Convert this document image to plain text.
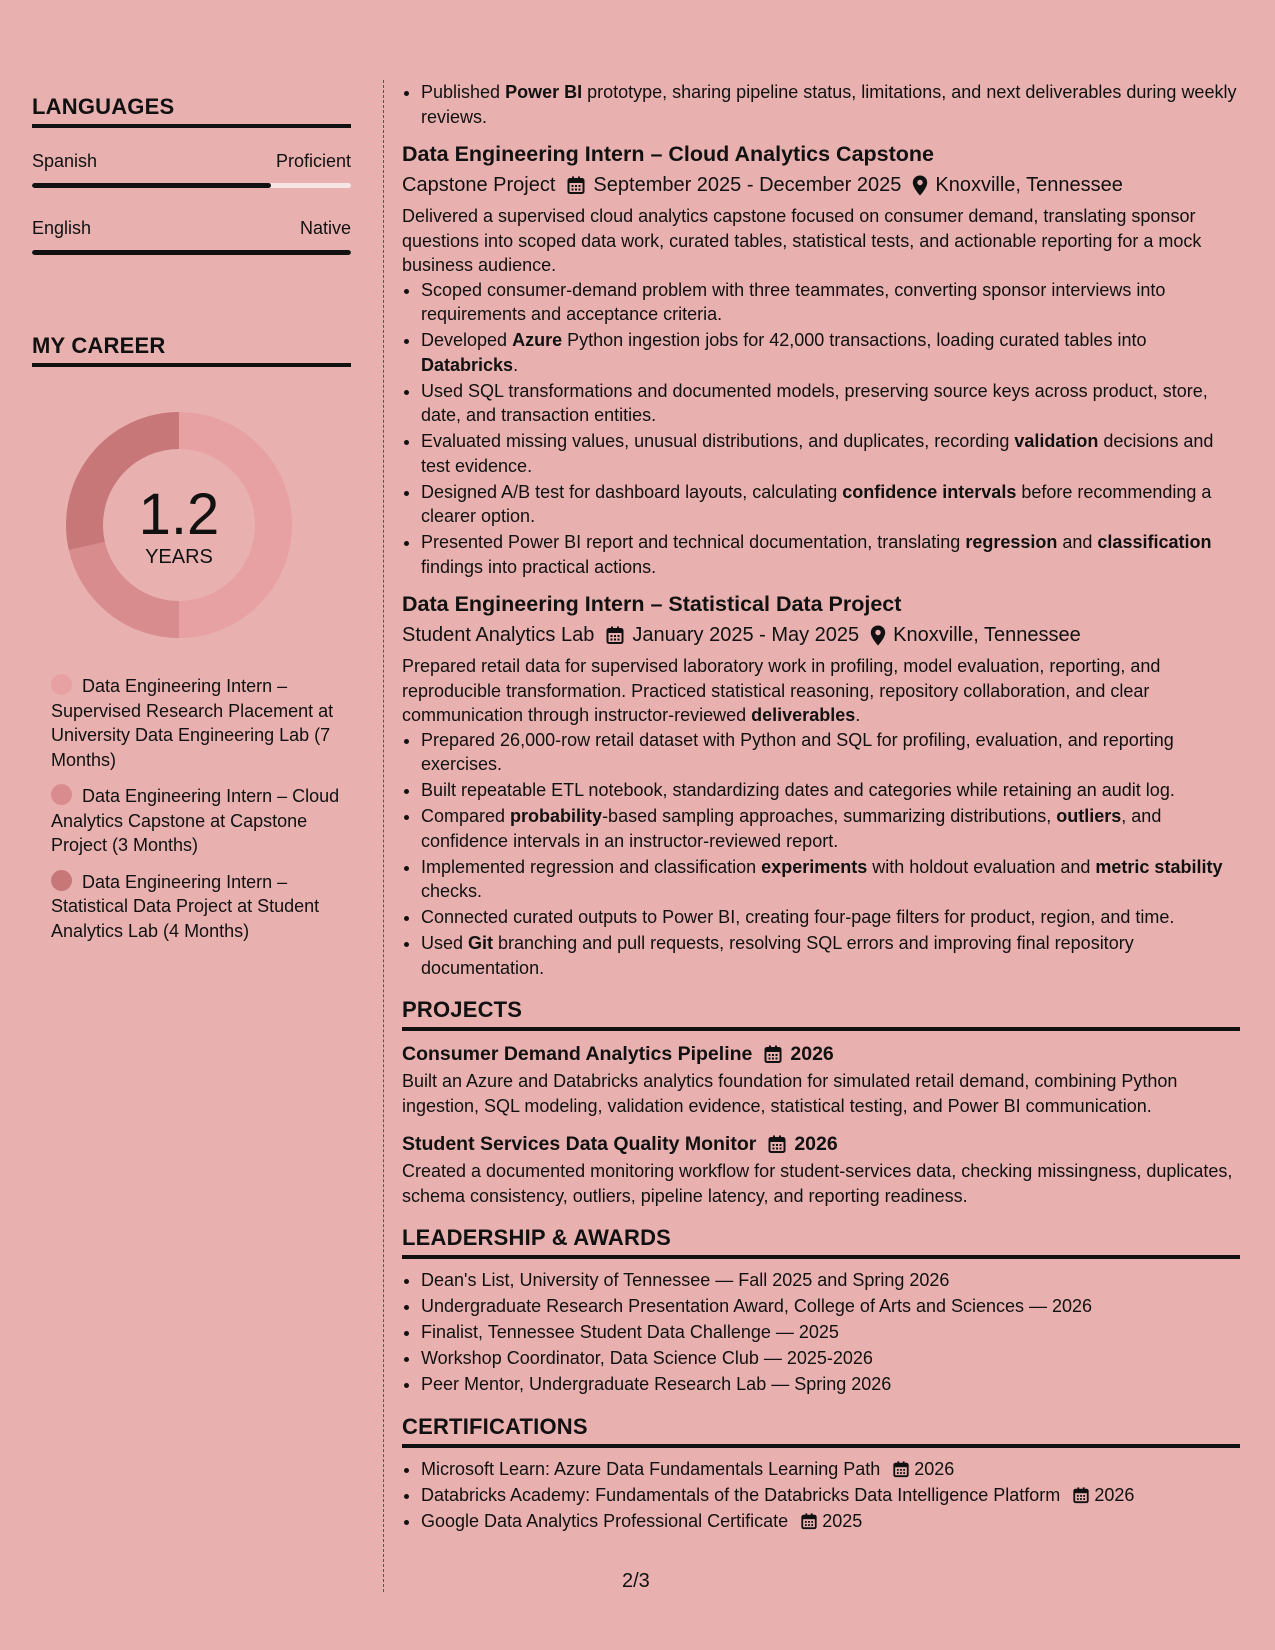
LANGUAGES
Spanish	Proficient
English	Native
MY CAREER
1.2
YEARS
Data Engineering Intern – Supervised Research Placement at University Data Engineering Lab (7 Months)
Data Engineering Intern – Cloud Analytics Capstone at Capstone Project (3 Months)
Data Engineering Intern – Statistical Data Project at Student Analytics Lab (4 Months)
• Published Power BI prototype, sharing pipeline status, limitations, and next deliverables during weekly reviews.
Data Engineering Intern – Cloud Analytics Capstone
Capstone Project September 2025 - December 2025 Knoxville, Tennessee
Delivered a supervised cloud analytics capstone focused on consumer demand, translating sponsor questions into scoped data work, curated tables, statistical tests, and actionable reporting for a mock business audience.
• Scoped consumer-demand problem with three teammates, converting sponsor interviews into requirements and acceptance criteria.
• Developed Azure Python ingestion jobs for 42,000 transactions, loading curated tables into Databricks.
• Used SQL transformations and documented models, preserving source keys across product, store, date, and transaction entities.
• Evaluated missing values, unusual distributions, and duplicates, recording validation decisions and test evidence.
• Designed A/B test for dashboard layouts, calculating confidence intervals before recommending a clearer option.
• Presented Power BI report and technical documentation, translating regression and classification findings into practical actions.
Data Engineering Intern – Statistical Data Project
Student Analytics Lab January 2025 - May 2025 Knoxville, Tennessee
Prepared retail data for supervised laboratory work in profiling, model evaluation, reporting, and reproducible transformation. Practiced statistical reasoning, repository collaboration, and clear communication through instructor-reviewed deliverables.
• Prepared 26,000-row retail dataset with Python and SQL for profiling, evaluation, and reporting exercises.
• Built repeatable ETL notebook, standardizing dates and categories while retaining an audit log.
• Compared probability-based sampling approaches, summarizing distributions, outliers, and confidence intervals in an instructor-reviewed report.
• Implemented regression and classification experiments with holdout evaluation and metric stability checks.
• Connected curated outputs to Power BI, creating four-page filters for product, region, and time.
• Used Git branching and pull requests, resolving SQL errors and improving final repository documentation.
PROJECTS
Consumer Demand Analytics Pipeline 2026
Built an Azure and Databricks analytics foundation for simulated retail demand, combining Python ingestion, SQL modeling, validation evidence, statistical testing, and Power BI communication.
Student Services Data Quality Monitor 2026
Created a documented monitoring workflow for student-services data, checking missingness, duplicates, schema consistency, outliers, pipeline latency, and reporting readiness.
LEADERSHIP & AWARDS
• Dean's List, University of Tennessee — Fall 2025 and Spring 2026
• Undergraduate Research Presentation Award, College of Arts and Sciences — 2026
• Finalist, Tennessee Student Data Challenge — 2025
• Workshop Coordinator, Data Science Club — 2025-2026
• Peer Mentor, Undergraduate Research Lab — Spring 2026
CERTIFICATIONS
• Microsoft Learn: Azure Data Fundamentals Learning Path 2026
• Databricks Academy: Fundamentals of the Databricks Data Intelligence Platform 2026
• Google Data Analytics Professional Certificate 2025
2/3
